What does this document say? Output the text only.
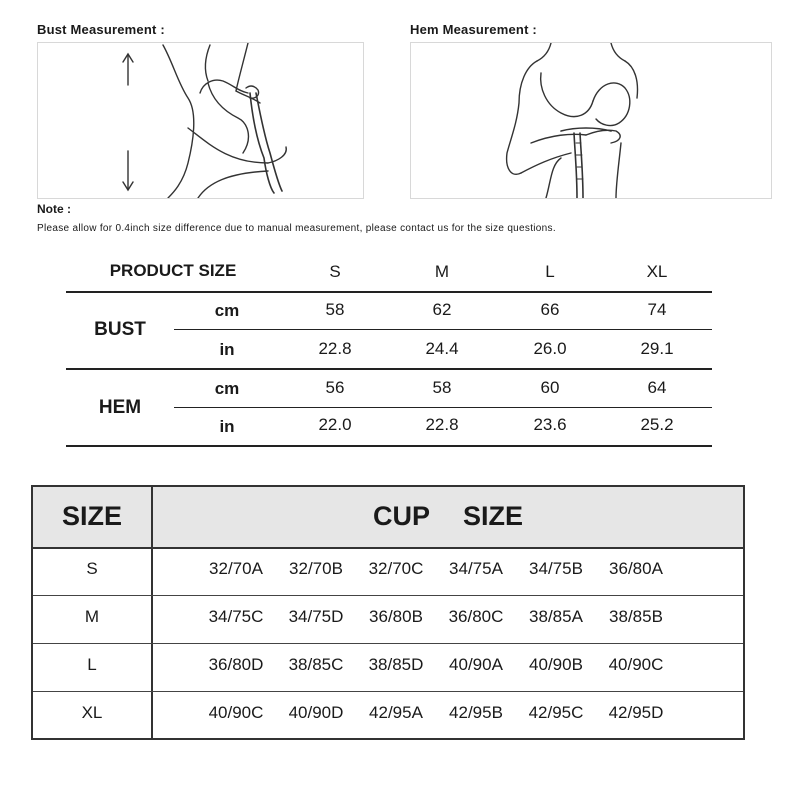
Bust Measurement :	Hem Measurement :
Note :
Please allow for 0.4inch size difference due to manual measurement, please contact us for the size questions.
PRODUCT SIZE	S	M	L	XL
BUST
cm	58	62	66	74
in	22.8	24.4	26.0	29.1
HEM
cm	56	58	60	64
in	22.0	22.8	23.6	25.2
SIZE	CUP SIZE
S	32/70A	32/70B	32/70C	34/75A	34/75B	36/80A
M	34/75C	34/75D	36/80B	36/80C	38/85A	38/85B
L	36/80D	38/85C	38/85D	40/90A	40/90B	40/90C
XL	40/90C	40/90D	42/95A	42/95B	42/95C	42/95D
